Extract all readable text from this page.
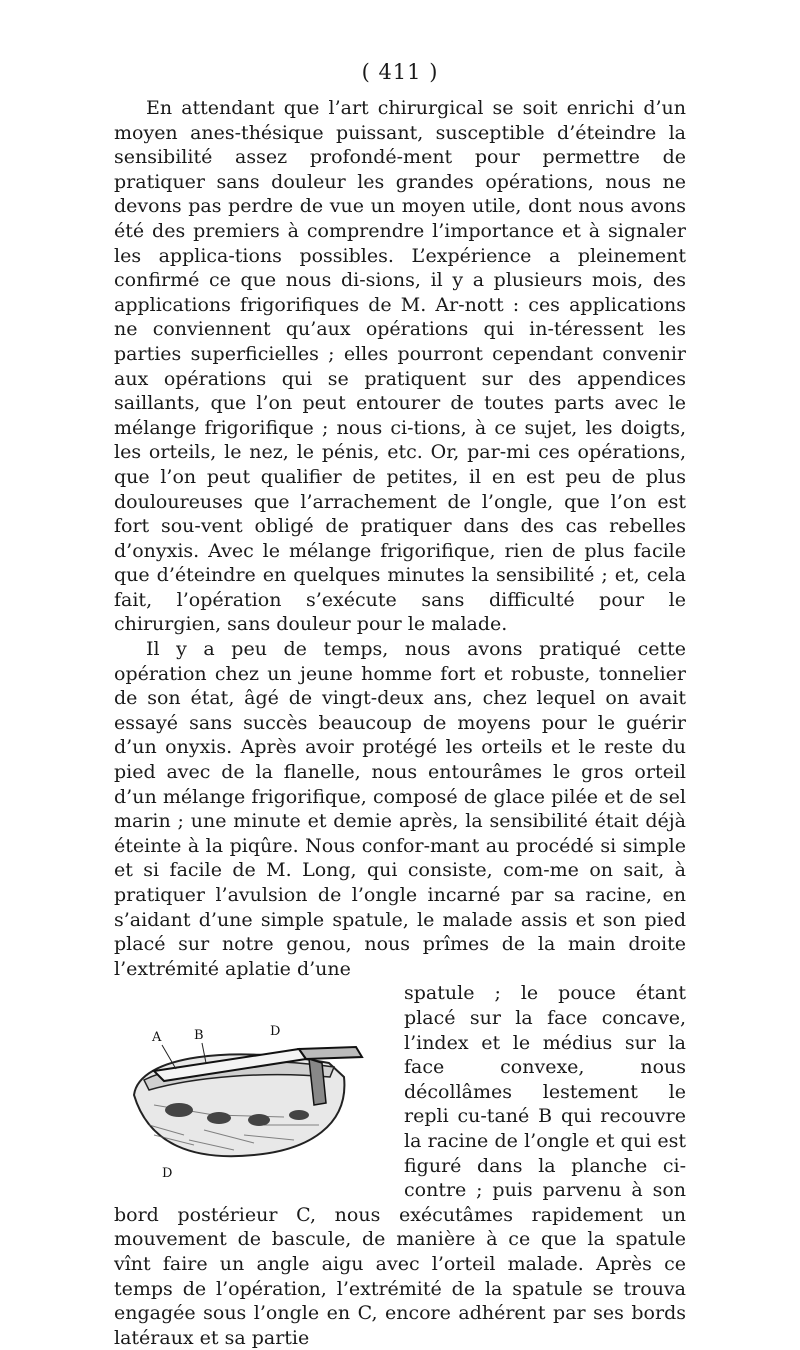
( 411 )

En attendant que l’art chirurgical se soit enrichi d’un moyen anes-thésique puissant, susceptible d’éteindre la sensibilité assez profondé-ment pour permettre de pratiquer sans douleur les grandes opérations, nous ne devons pas perdre de vue un moyen utile, dont nous avons été des premiers à comprendre l’importance et à signaler les applica-tions possibles. L’expérience a pleinement confirmé ce que nous di-sions, il y a plusieurs mois, des applications frigorifiques de M. Ar-nott : ces applications ne conviennent qu’aux opérations qui in-téressent les parties superficielles ; elles pourront cependant convenir aux opérations qui se pratiquent sur des appendices saillants, que l’on peut entourer de toutes parts avec le mélange frigorifique ; nous ci-tions, à ce sujet, les doigts, les orteils, le nez, le pénis, etc. Or, par-mi ces opérations, que l’on peut qualifier de petites, il en est peu de plus douloureuses que l’arrachement de l’ongle, que l’on est fort sou-vent obligé de pratiquer dans des cas rebelles d’onyxis. Avec le mélange frigorifique, rien de plus facile que d’éteindre en quelques minutes la sensibilité ; et, cela fait, l’opération s’exécute sans difficulté pour le chirurgien, sans douleur pour le malade.

Il y a peu de temps, nous avons pratiqué cette opération chez un jeune homme fort et robuste, tonnelier de son état, âgé de vingt-deux ans, chez lequel on avait essayé sans succès beaucoup de moyens pour le guérir d’un onyxis. Après avoir protégé les orteils et le reste du pied avec de la flanelle, nous entourâmes le gros orteil d’un mélange frigorifique, composé de glace pilée et de sel marin ; une minute et demie après, la sensibilité était déjà éteinte à la piqûre. Nous confor-mant au procédé si simple et si facile de M. Long, qui consiste, com-me on sait, à pratiquer l’avulsion de l’ongle incarné par sa racine, en s’aidant d’une simple spatule, le malade assis et son pied placé sur notre genou, nous prîmes de la main droite l’extrémité aplatie d’une

A	B	D
D

spatule ; le pouce étant placé sur la face concave, l’index et le médius sur la face convexe, nous décollâmes lestement le repli cu-tané B qui recouvre la racine de l’ongle et qui est figuré dans la planche ci-contre ; puis parvenu à son bord postérieur C, nous exécutâmes rapidement un mouvement de bascule, de manière à ce que la spatule vînt faire un angle aigu avec l’orteil malade. Après ce temps de l’opération, l’extrémité de la spatule se trouva engagée sous l’ongle en C, encore adhérent par ses bords latéraux et sa partie
